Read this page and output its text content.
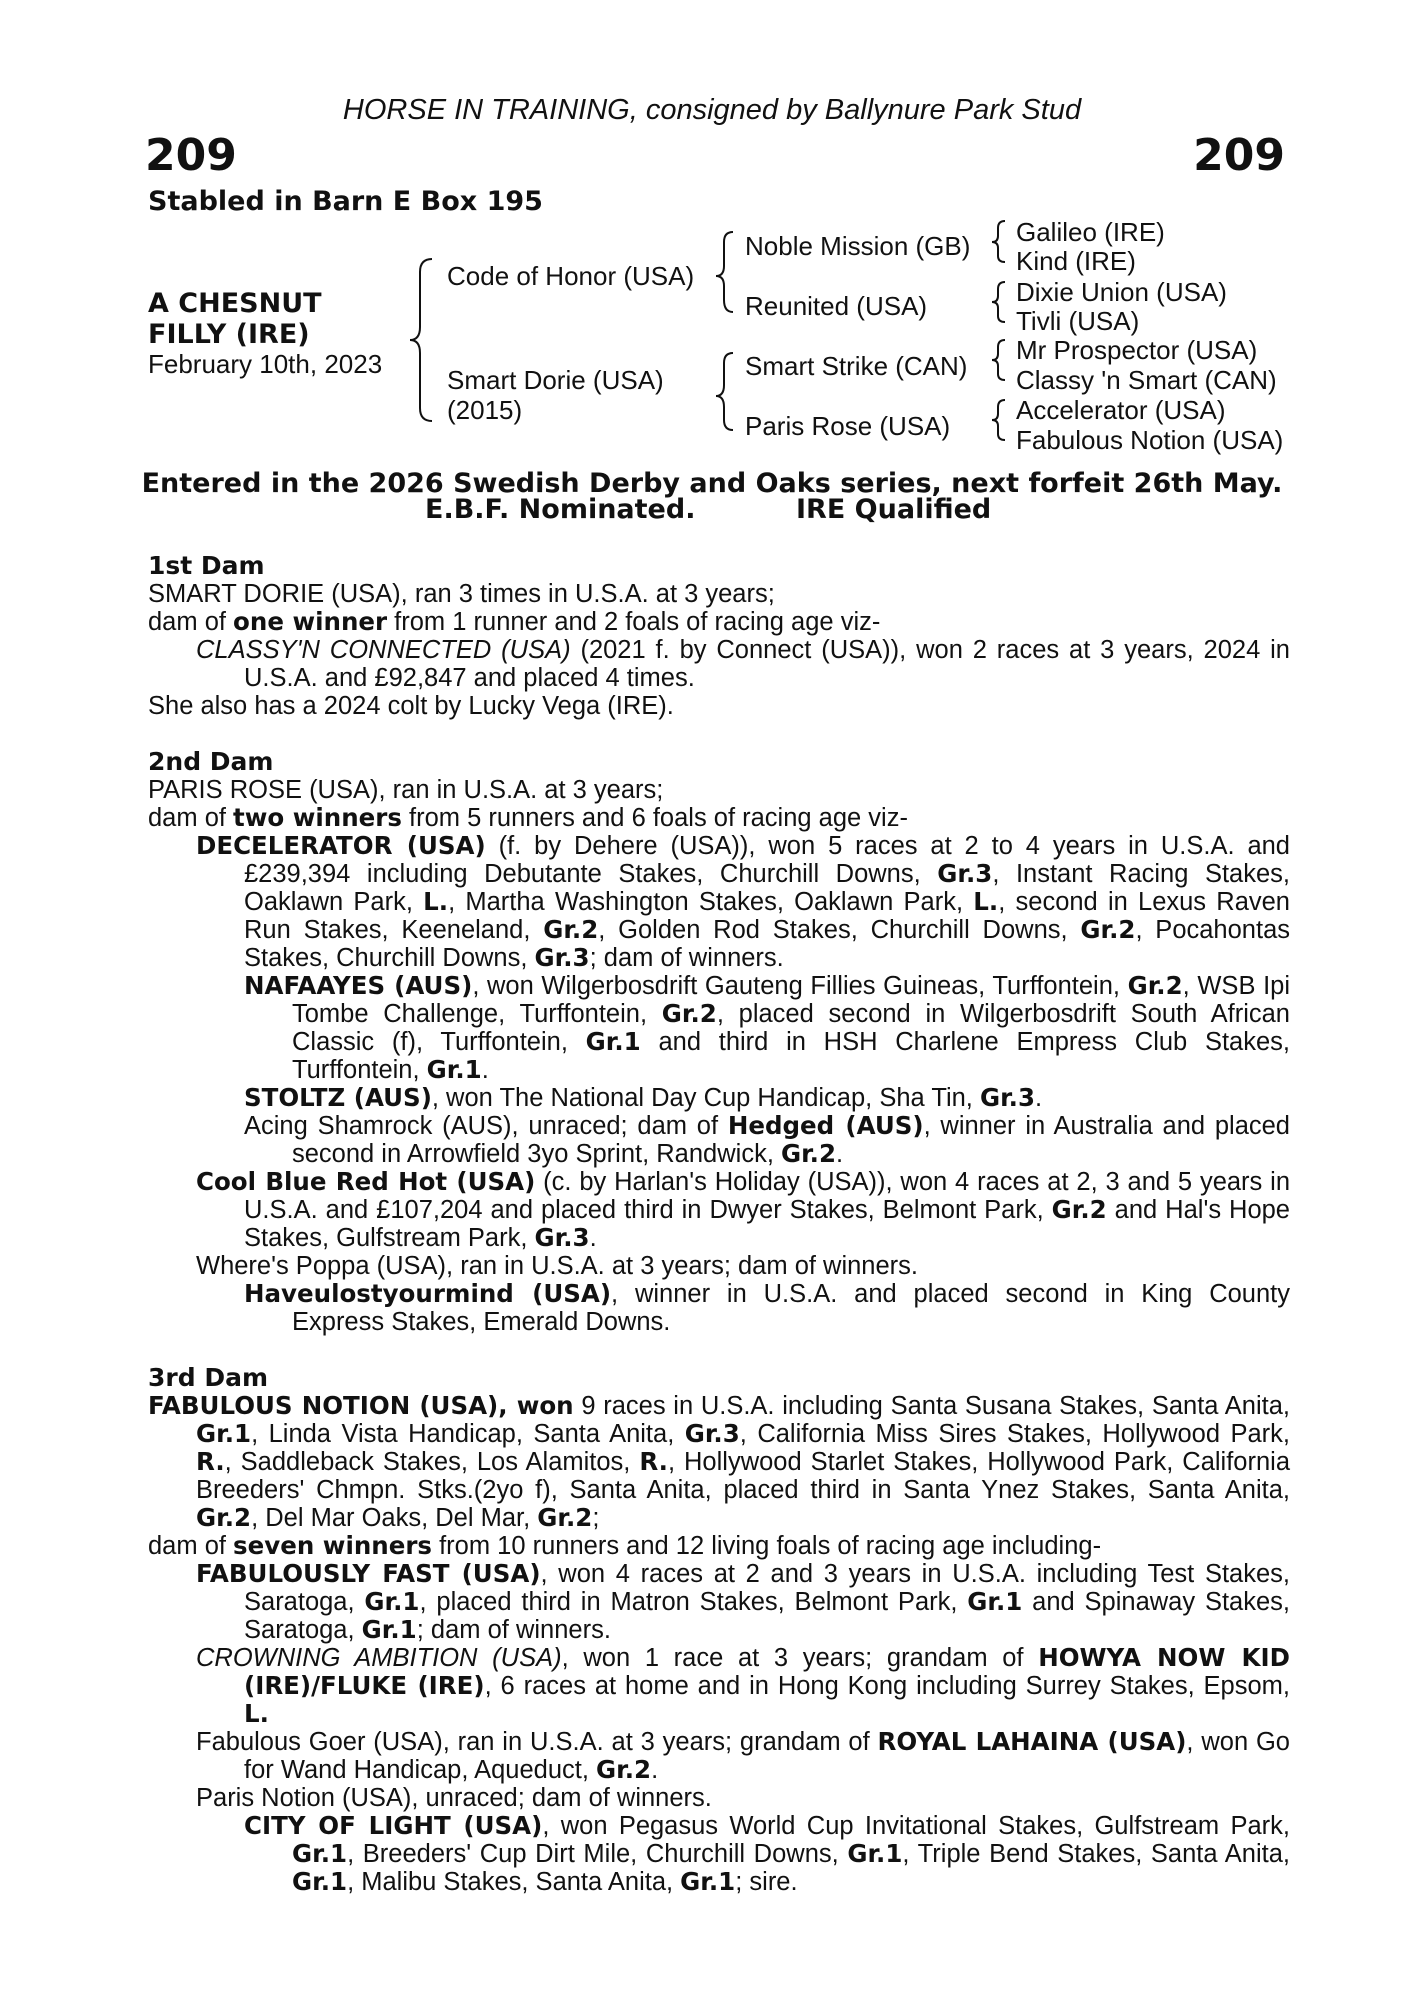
HORSE IN TRAINING, consigned by Ballynure Park Stud
209	209
Stabled in Barn E Box 195
A CHESNUT
FILLY (IRE)
February 10th, 2023
Code of Honor (USA)
Smart Dorie (USA)
(2015)
Noble Mission (GB)
Reunited (USA)
Smart Strike (CAN)
Paris Rose (USA)
Galileo (IRE)
Kind (IRE)
Dixie Union (USA)
Tivli (USA)
Mr Prospector (USA)
Classy 'n Smart (CAN)
Accelerator (USA)
Fabulous Notion (USA)
Entered in the 2026 Swedish Derby and Oaks series, next forfeit 26th May.
E.B.F. Nominated.	IRE Qualified

1st Dam

SMART DORIE (USA), ran 3 times in U.S.A. at 3 years;

dam of one winner from 1 runner and 2 foals of racing age viz-

CLASSY'N CONNECTED (USA) (2021 f. by Connect (USA)), won 2 races at 3 years, 2024 in U.S.A. and £92,847 and placed 4 times.

She also has a 2024 colt by Lucky Vega (IRE).

2nd Dam

PARIS ROSE (USA), ran in U.S.A. at 3 years;

dam of two winners from 5 runners and 6 foals of racing age viz-

DECELERATOR (USA) (f. by Dehere (USA)), won 5 races at 2 to 4 years in U.S.A. and £239,394 including Debutante Stakes, Churchill Downs, Gr.3, Instant Racing Stakes, Oaklawn Park, L., Martha Washington Stakes, Oaklawn Park, L., second in Lexus Raven Run Stakes, Keeneland, Gr.2, Golden Rod Stakes, Churchill Downs, Gr.2, Pocahontas Stakes, Churchill Downs, Gr.3; dam of winners.

NAFAAYES (AUS), won Wilgerbosdrift Gauteng Fillies Guineas, Turffontein, Gr.2, WSB Ipi Tombe Challenge, Turffontein, Gr.2, placed second in Wilgerbosdrift South African Classic (f), Turffontein, Gr.1 and third in HSH Charlene Empress Club Stakes, Turffontein, Gr.1.

STOLTZ (AUS), won The National Day Cup Handicap, Sha Tin, Gr.3.

Acing Shamrock (AUS), unraced; dam of Hedged (AUS), winner in Australia and placed second in Arrowfield 3yo Sprint, Randwick, Gr.2.

Cool Blue Red Hot (USA) (c. by Harlan's Holiday (USA)), won 4 races at 2, 3 and 5 years in U.S.A. and £107,204 and placed third in Dwyer Stakes, Belmont Park, Gr.2 and Hal's Hope Stakes, Gulfstream Park, Gr.3.

Where's Poppa (USA), ran in U.S.A. at 3 years; dam of winners.

Haveulostyourmind (USA), winner in U.S.A. and placed second in King County Express Stakes, Emerald Downs.

3rd Dam

FABULOUS NOTION (USA), won 9 races in U.S.A. including Santa Susana Stakes, Santa Anita, Gr.1, Linda Vista Handicap, Santa Anita, Gr.3, California Miss Sires Stakes, Hollywood Park, R., Saddleback Stakes, Los Alamitos, R., Hollywood Starlet Stakes, Hollywood Park, California Breeders' Chmpn. Stks.(2yo f), Santa Anita, placed third in Santa Ynez Stakes, Santa Anita, Gr.2, Del Mar Oaks, Del Mar, Gr.2;

dam of seven winners from 10 runners and 12 living foals of racing age including-

FABULOUSLY FAST (USA), won 4 races at 2 and 3 years in U.S.A. including Test Stakes, Saratoga, Gr.1, placed third in Matron Stakes, Belmont Park, Gr.1 and Spinaway Stakes, Saratoga, Gr.1; dam of winners.

CROWNING AMBITION (USA), won 1 race at 3 years; grandam of HOWYA NOW KID (IRE)/FLUKE (IRE), 6 races at home and in Hong Kong including Surrey Stakes, Epsom, L.

Fabulous Goer (USA), ran in U.S.A. at 3 years; grandam of ROYAL LAHAINA (USA), won Go for Wand Handicap, Aqueduct, Gr.2.

Paris Notion (USA), unraced; dam of winners.

CITY OF LIGHT (USA), won Pegasus World Cup Invitational Stakes, Gulfstream Park, Gr.1, Breeders' Cup Dirt Mile, Churchill Downs, Gr.1, Triple Bend Stakes, Santa Anita, Gr.1, Malibu Stakes, Santa Anita, Gr.1; sire.
